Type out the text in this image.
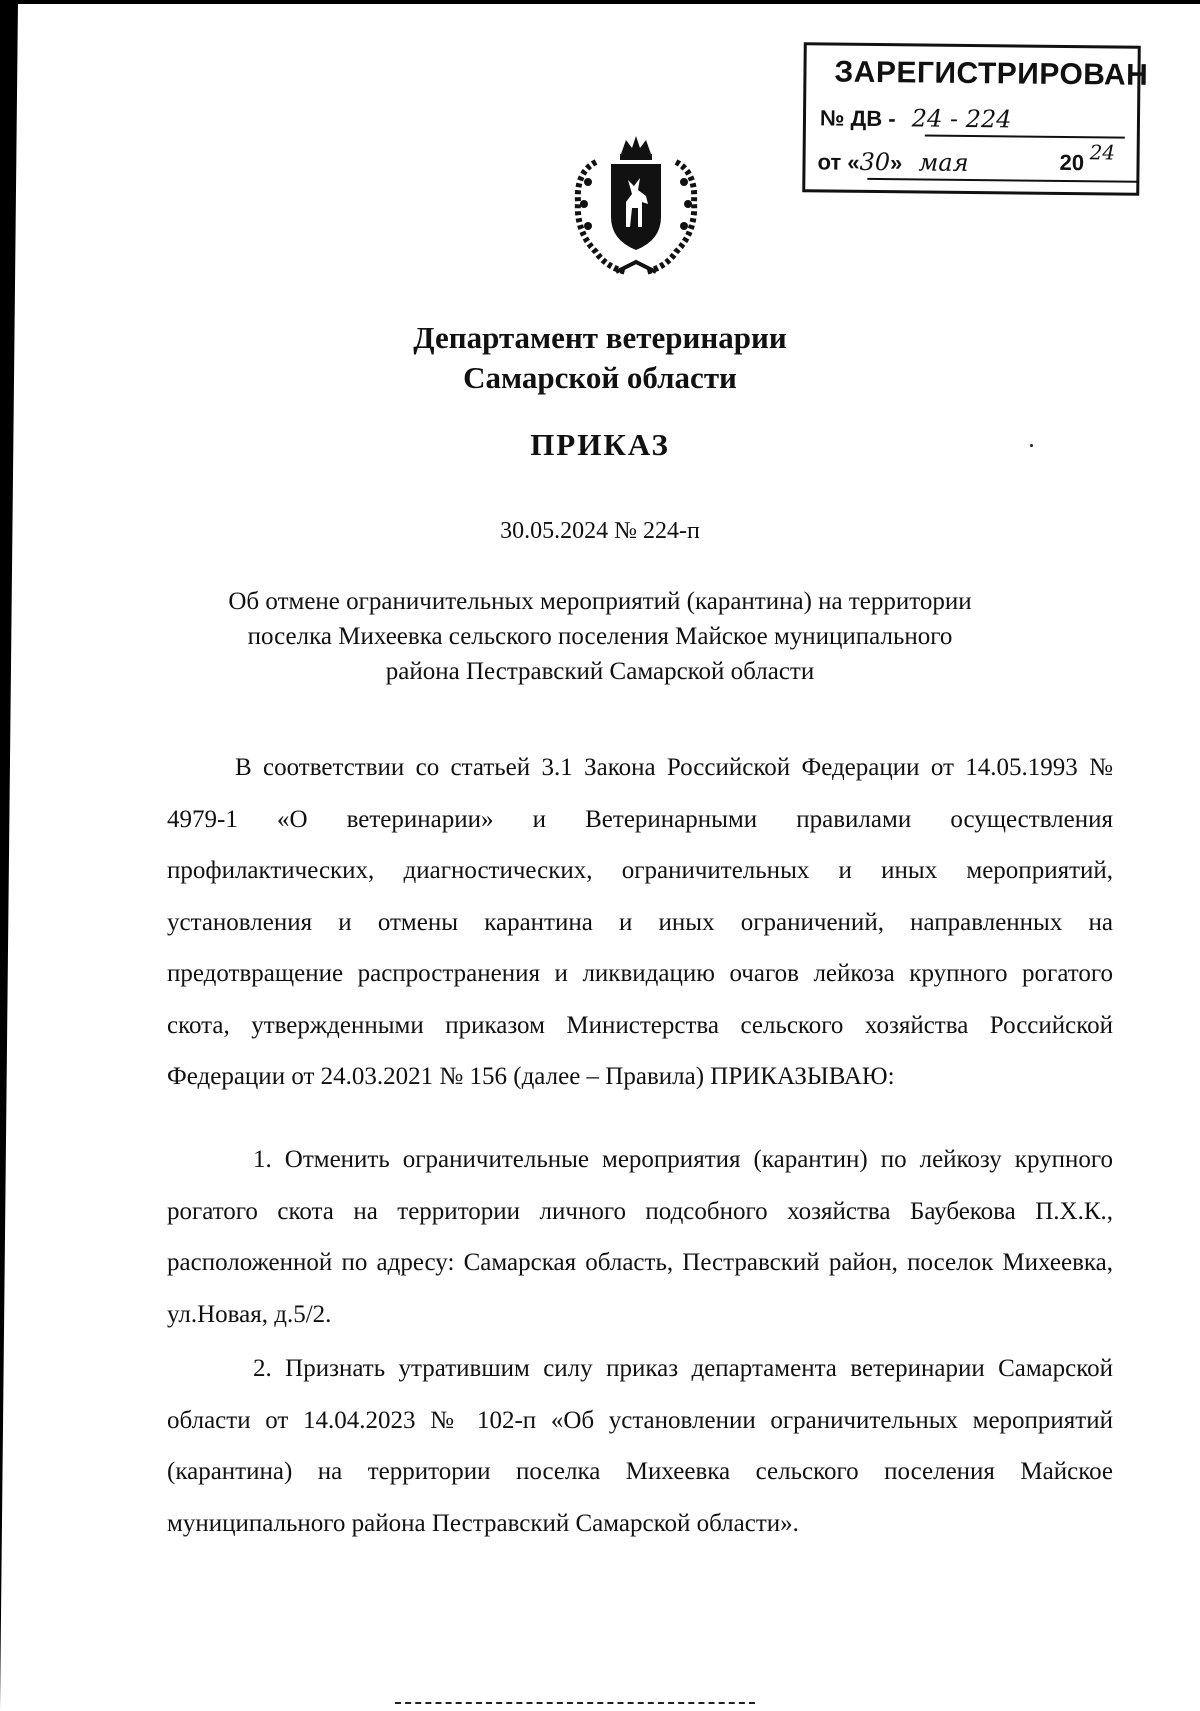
ЗАРЕГИСТРИРОВАН
№ ДВ - 24 - 224
от «30» мая	20 24
Департамент ветеринарии
Самарской области
ПРИКАЗ
30.05.2024 № 224-п
Об отмене ограничительных мероприятий (карантина) на территории
поселка Михеевка сельского поселения Майское муниципального
района Пестравский Самарской области
В соответствии со статьей 3.1 Закона Российской Федерации от 14.05.1993 № 4979-1 «О ветеринарии» и Ветеринарными правилами осуществления профилактических, диагностических, ограничительных и иных мероприятий, установления и отмены карантина и иных ограничений, направленных на предотвращение распространения и ликвидацию очагов лейкоза крупного рогатого скота, утвержденными приказом Министерства сельского хозяйства Российской Федерации от 24.03.2021 № 156 (далее – Правила) ПРИКАЗЫВАЮ:
1. Отменить ограничительные мероприятия (карантин) по лейкозу крупного рогатого скота на территории личного подсобного хозяйства Баубекова П.Х.К., расположенной по адресу: Самарская область, Пестравский район, поселок Михеевка, ул.Новая, д.5/2.
2. Признать утратившим силу приказ департамента ветеринарии Самарской области от 14.04.2023 № 102-п «Об установлении ограничительных мероприятий (карантина) на территории поселка Михеевка сельского поселения Майское муниципального района Пестравский Самарской области».
